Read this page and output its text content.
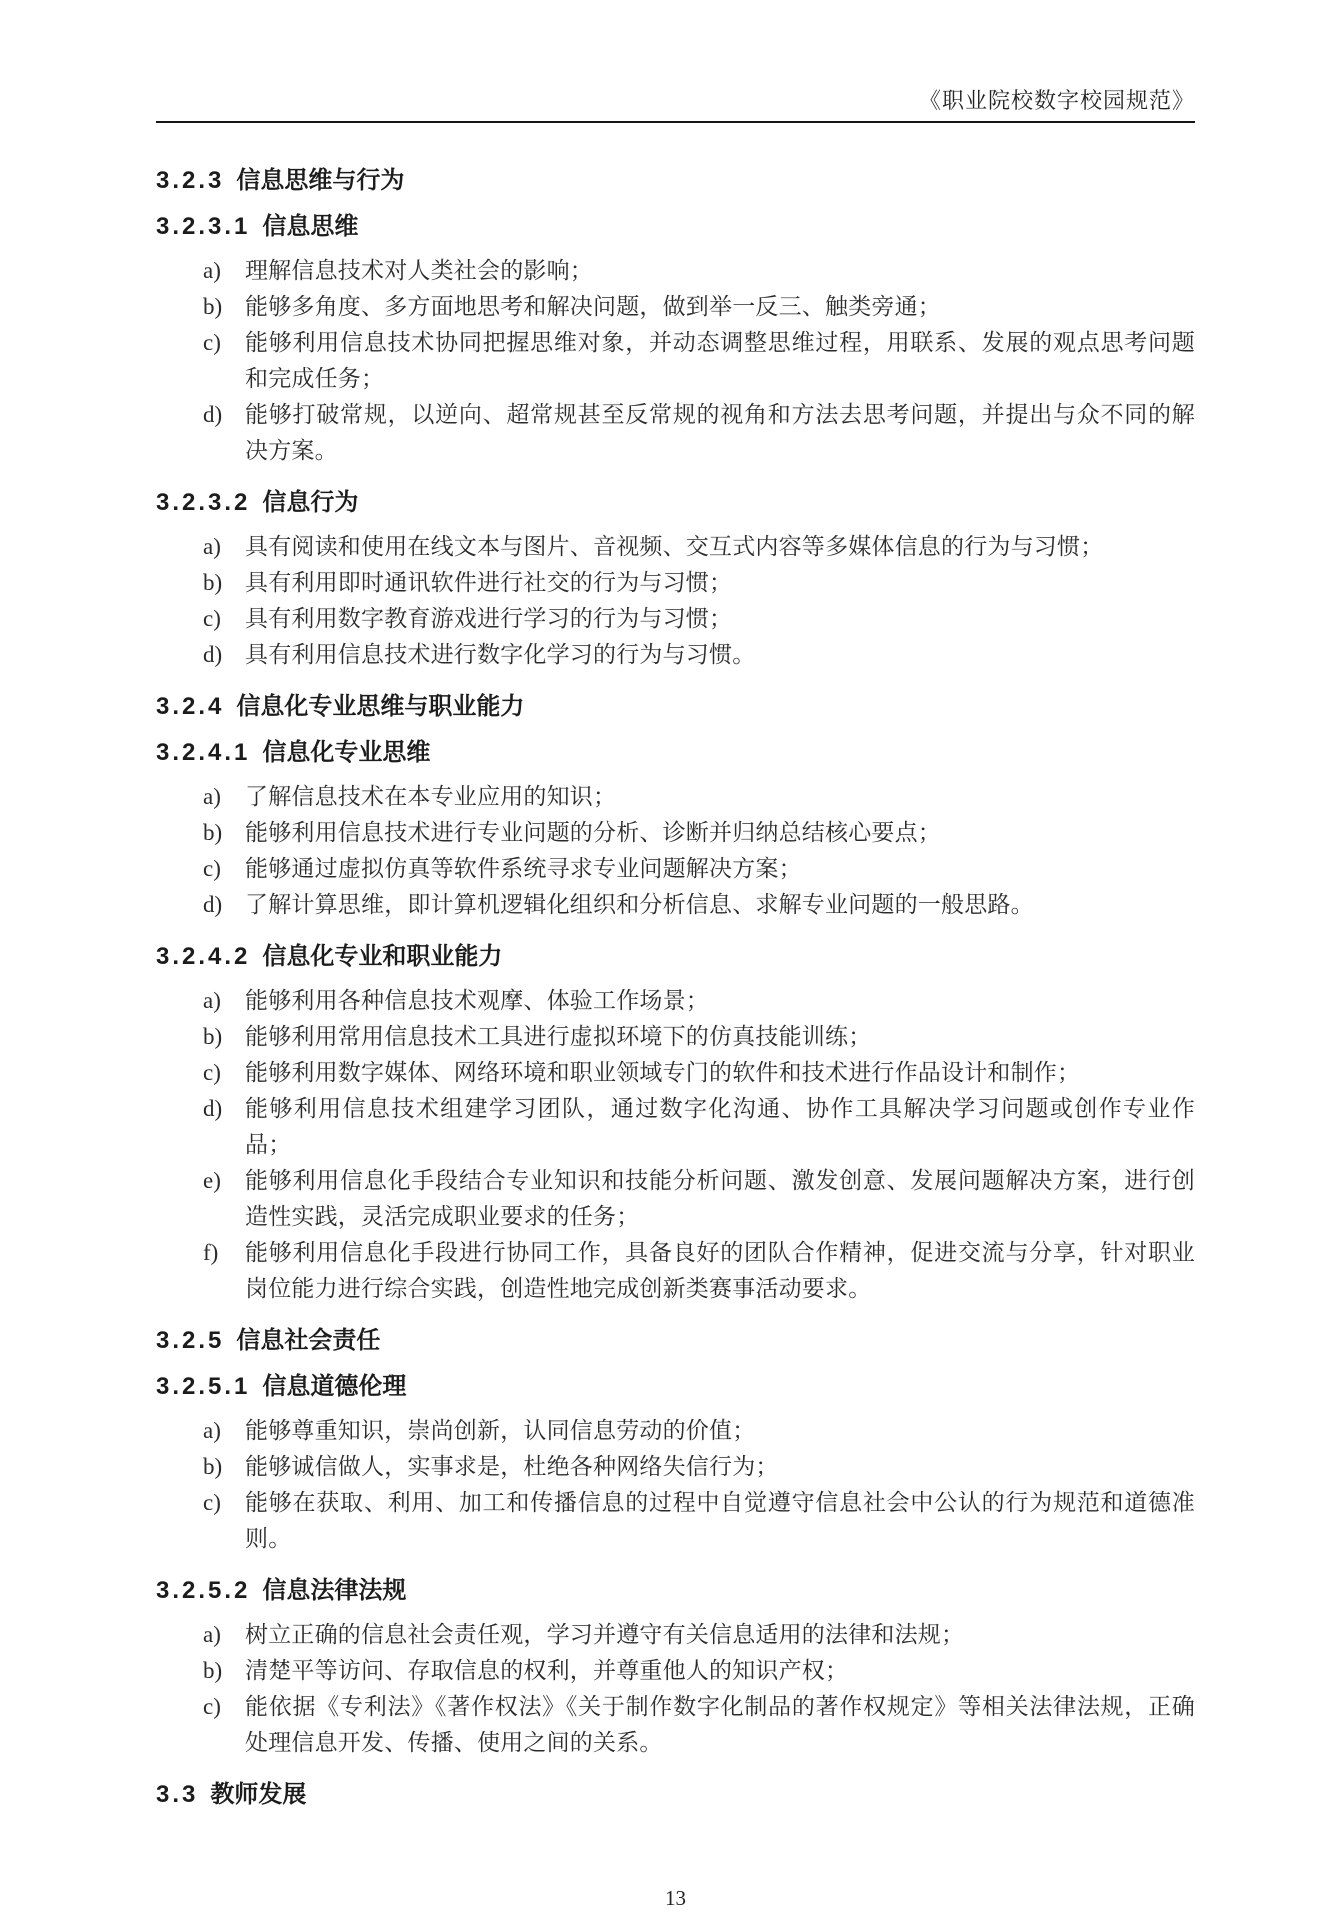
《职业院校数字校园规范》
3.2.3 信息思维与行为
3.2.3.1 信息思维
a) 理解信息技术对人类社会的影响；
b) 能够多角度、多方面地思考和解决问题，做到举一反三、触类旁通；
c) 能够利用信息技术协同把握思维对象，并动态调整思维过程，用联系、发展的观点思考问题和完成任务；
d) 能够打破常规，以逆向、超常规甚至反常规的视角和方法去思考问题，并提出与众不同的解决方案。
3.2.3.2 信息行为
a) 具有阅读和使用在线文本与图片、音视频、交互式内容等多媒体信息的行为与习惯；
b) 具有利用即时通讯软件进行社交的行为与习惯；
c) 具有利用数字教育游戏进行学习的行为与习惯；
d) 具有利用信息技术进行数字化学习的行为与习惯。
3.2.4 信息化专业思维与职业能力
3.2.4.1 信息化专业思维
a) 了解信息技术在本专业应用的知识；
b) 能够利用信息技术进行专业问题的分析、诊断并归纳总结核心要点；
c) 能够通过虚拟仿真等软件系统寻求专业问题解决方案；
d) 了解计算思维，即计算机逻辑化组织和分析信息、求解专业问题的一般思路。
3.2.4.2 信息化专业和职业能力
a) 能够利用各种信息技术观摩、体验工作场景；
b) 能够利用常用信息技术工具进行虚拟环境下的仿真技能训练；
c) 能够利用数字媒体、网络环境和职业领域专门的软件和技术进行作品设计和制作；
d) 能够利用信息技术组建学习团队，通过数字化沟通、协作工具解决学习问题或创作专业作品；
e) 能够利用信息化手段结合专业知识和技能分析问题、激发创意、发展问题解决方案，进行创造性实践，灵活完成职业要求的任务；
f) 能够利用信息化手段进行协同工作，具备良好的团队合作精神，促进交流与分享，针对职业岗位能力进行综合实践，创造性地完成创新类赛事活动要求。
3.2.5 信息社会责任
3.2.5.1 信息道德伦理
a) 能够尊重知识，崇尚创新，认同信息劳动的价值；
b) 能够诚信做人，实事求是，杜绝各种网络失信行为；
c) 能够在获取、利用、加工和传播信息的过程中自觉遵守信息社会中公认的行为规范和道德准则。
3.2.5.2 信息法律法规
a) 树立正确的信息社会责任观，学习并遵守有关信息适用的法律和法规；
b) 清楚平等访问、存取信息的权利，并尊重他人的知识产权；
c) 能依据《专利法》《著作权法》《关于制作数字化制品的著作权规定》等相关法律法规，正确处理信息开发、传播、使用之间的关系。
3.3 教师发展
13
